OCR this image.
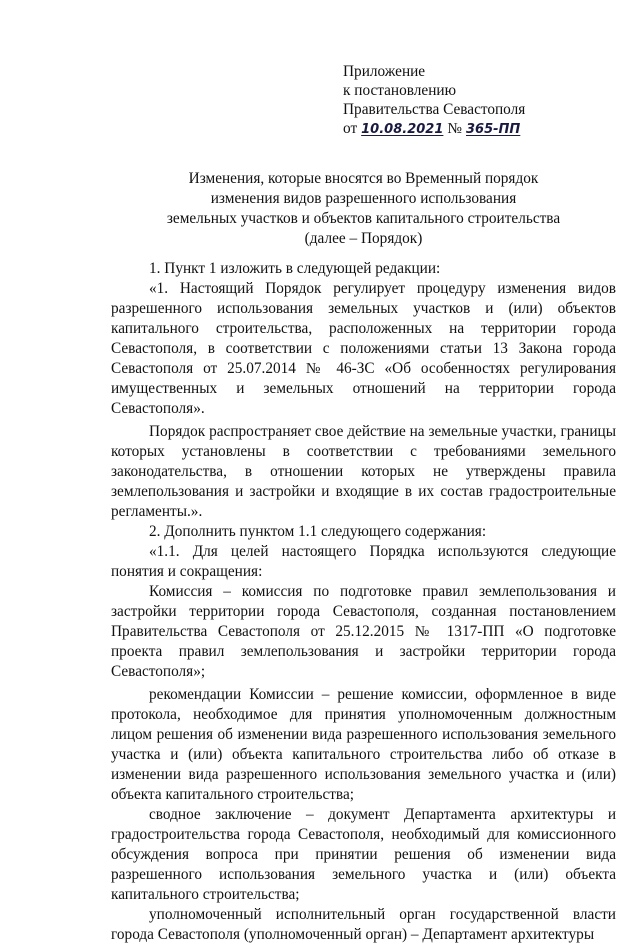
Приложение
к постановлению
Правительства Севастополя
от 10.08.2021 № 365-ПП
Изменения, которые вносятся во Временный порядок
изменения видов разрешенного использования
земельных участков и объектов капитального строительства
(далее – Порядок)

1. Пункт 1 изложить в следующей редакции:

«1. Настоящий Порядок регулирует процедуру изменения видов разрешенного использования земельных участков и (или) объектов капитального строительства, расположенных на территории города Севастополя, в соответствии с положениями статьи 13 Закона города Севастополя от 25.07.2014 № 46-ЗС «Об особенностях регулирования имущественных и земельных отношений на территории города Севастополя».

Порядок распространяет свое действие на земельные участки, границы которых установлены в соответствии с требованиями земельного законодательства, в отношении которых не утверждены правила землепользования и застройки и входящие в их состав градостроительные регламенты.».

2. Дополнить пунктом 1.1 следующего содержания:

«1.1. Для целей настоящего Порядка используются следующие понятия и сокращения:

Комиссия – комиссия по подготовке правил землепользования и застройки территории города Севастополя, созданная постановлением Правительства Севастополя от 25.12.2015 № 1317-ПП «О подготовке проекта правил землепользования и застройки территории города Севастополя»;

рекомендации Комиссии – решение комиссии, оформленное в виде протокола, необходимое для принятия уполномоченным должностным лицом решения об изменении вида разрешенного использования земельного участка и (или) объекта капитального строительства либо об отказе в изменении вида разрешенного использования земельного участка и (или) объекта капитального строительства;

сводное заключение – документ Департамента архитектуры и градостроительства города Севастополя, необходимый для комиссионного обсуждения вопроса при принятии решения об изменении вида разрешенного использования земельного участка и (или) объекта капитального строительства;

уполномоченный исполнительный орган государственной власти города Севастополя (уполномоченный орган) – Департамент архитектуры
